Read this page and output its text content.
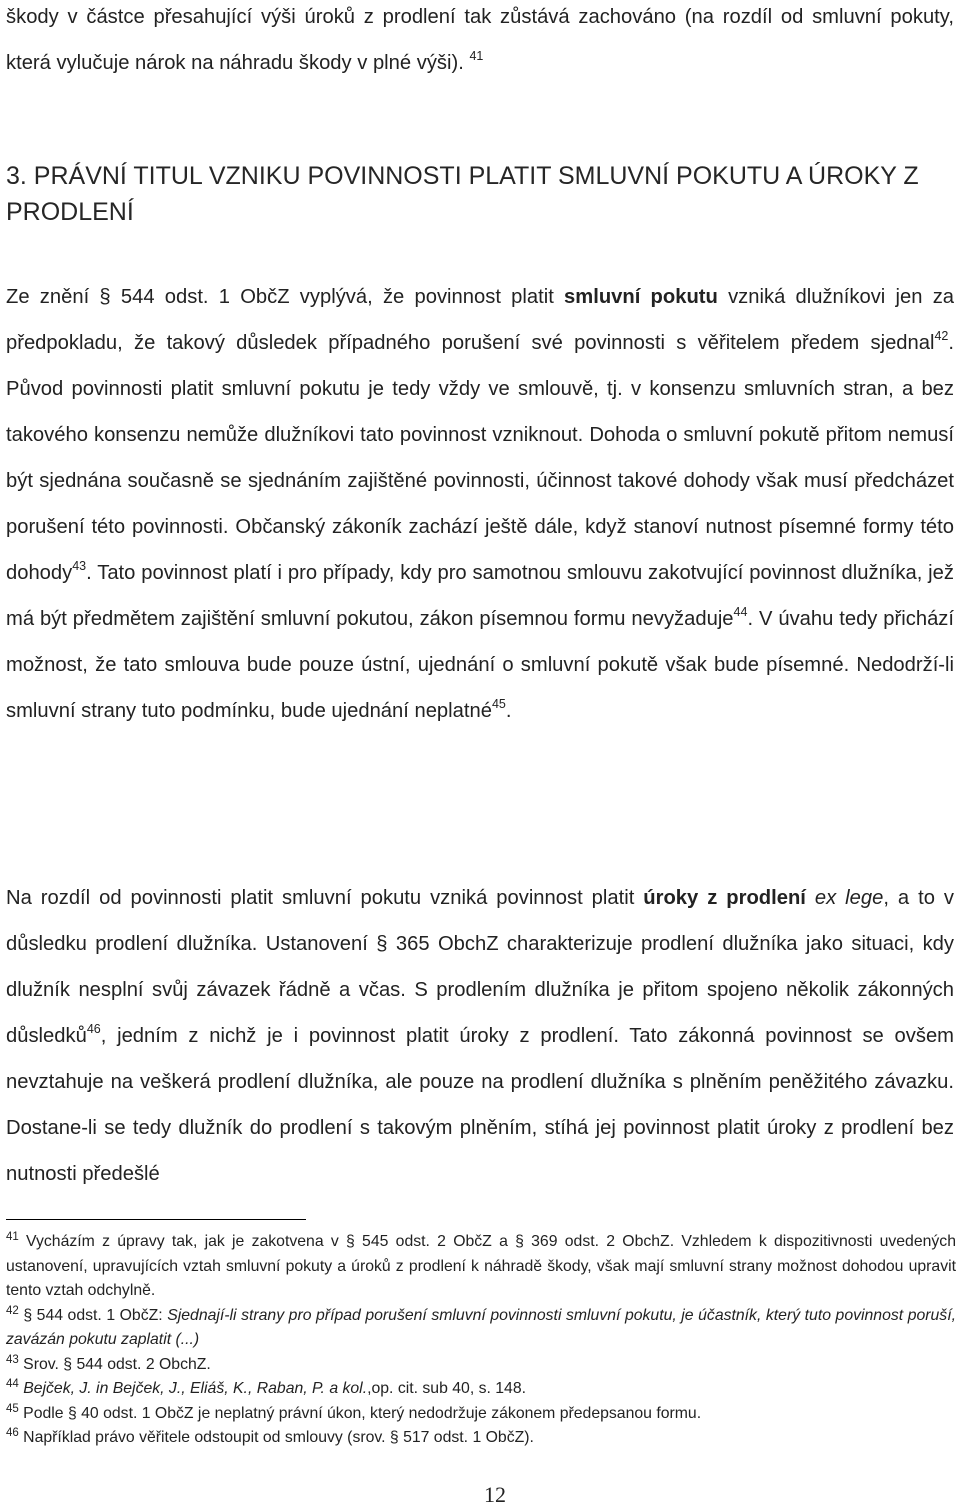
škody v částce přesahující výši úroků z prodlení tak zůstává zachováno (na rozdíl od smluvní pokuty, která vylučuje nárok na náhradu škody v plné výši). $^{41}$

3. PRÁVNÍ TITUL VZNIKU POVINNOSTI PLATIT SMLUVNÍ POKUTU A ÚROKY Z PRODLENÍ

Ze znění § 544 odst. 1 ObčZ vyplývá, že povinnost platit smluvní pokutu vzniká dlužníkovi jen za předpokladu, že takový důsledek případného porušení své povinnosti s věřitelem předem sjednal$^{42}$. Původ povinnosti platit smluvní pokutu je tedy vždy ve smlouvě, tj. v konsenzu smluvních stran, a bez takového konsenzu nemůže dlužníkovi tato povinnost vzniknout. Dohoda o smluvní pokutě přitom nemusí být sjednána současně se sjednáním zajištěné povinnosti, účinnost takové dohody však musí předcházet porušení této povinnosti. Občanský zákoník zachází ještě dále, když stanoví nutnost písemné formy této dohody$^{43}$. Tato povinnost platí i pro případy, kdy pro samotnou smlouvu zakotvující povinnost dlužníka, jež má být předmětem zajištění smluvní pokutou, zákon písemnou formu nevyžaduje$^{44}$. V úvahu tedy přichází možnost, že tato smlouva bude pouze ústní, ujednání o smluvní pokutě však bude písemné. Nedodrží-li smluvní strany tuto podmínku, bude ujednání neplatné$^{45}$.

Na rozdíl od povinnosti platit smluvní pokutu vzniká povinnost platit úroky z prodlení ex lege, a to v důsledku prodlení dlužníka. Ustanovení § 365 ObchZ charakterizuje prodlení dlužníka jako situaci, kdy dlužník nesplní svůj závazek řádně a včas. S prodlením dlužníka je přitom spojeno několik zákonných důsledků$^{46}$, jedním z nichž je i povinnost platit úroky z prodlení. Tato zákonná povinnost se ovšem nevztahuje na veškerá prodlení dlužníka, ale pouze na prodlení dlužníka s plněním peněžitého závazku. Dostane-li se tedy dlužník do prodlení s takovým plněním, stíhá jej povinnost platit úroky z prodlení bez nutnosti předešlé

$^{41}$ Vycházím z úpravy tak, jak je zakotvena v § 545 odst. 2 ObčZ a § 369 odst. 2 ObchZ. Vzhledem k dispozitivnosti uvedených ustanovení, upravujících vztah smluvní pokuty a úroků z prodlení k náhradě škody, však mají smluvní strany možnost dohodou upravit tento vztah odchylně.

$^{42}$ § 544 odst. 1 ObčZ: Sjednají-li strany pro případ porušení smluvní povinnosti smluvní pokutu, je účastník, který tuto povinnost poruší, zavázán pokutu zaplatit (...)

$^{43}$ Srov. § 544 odst. 2 ObchZ.

$^{44}$ Bejček, J. in Bejček, J., Eliáš, K., Raban, P. a kol.,op. cit. sub 40, s. 148.

$^{45}$ Podle § 40 odst. 1 ObčZ je neplatný právní úkon, který nedodržuje zákonem předepsanou formu.

$^{46}$ Například právo věřitele odstoupit od smlouvy (srov. § 517 odst. 1 ObčZ).

12
